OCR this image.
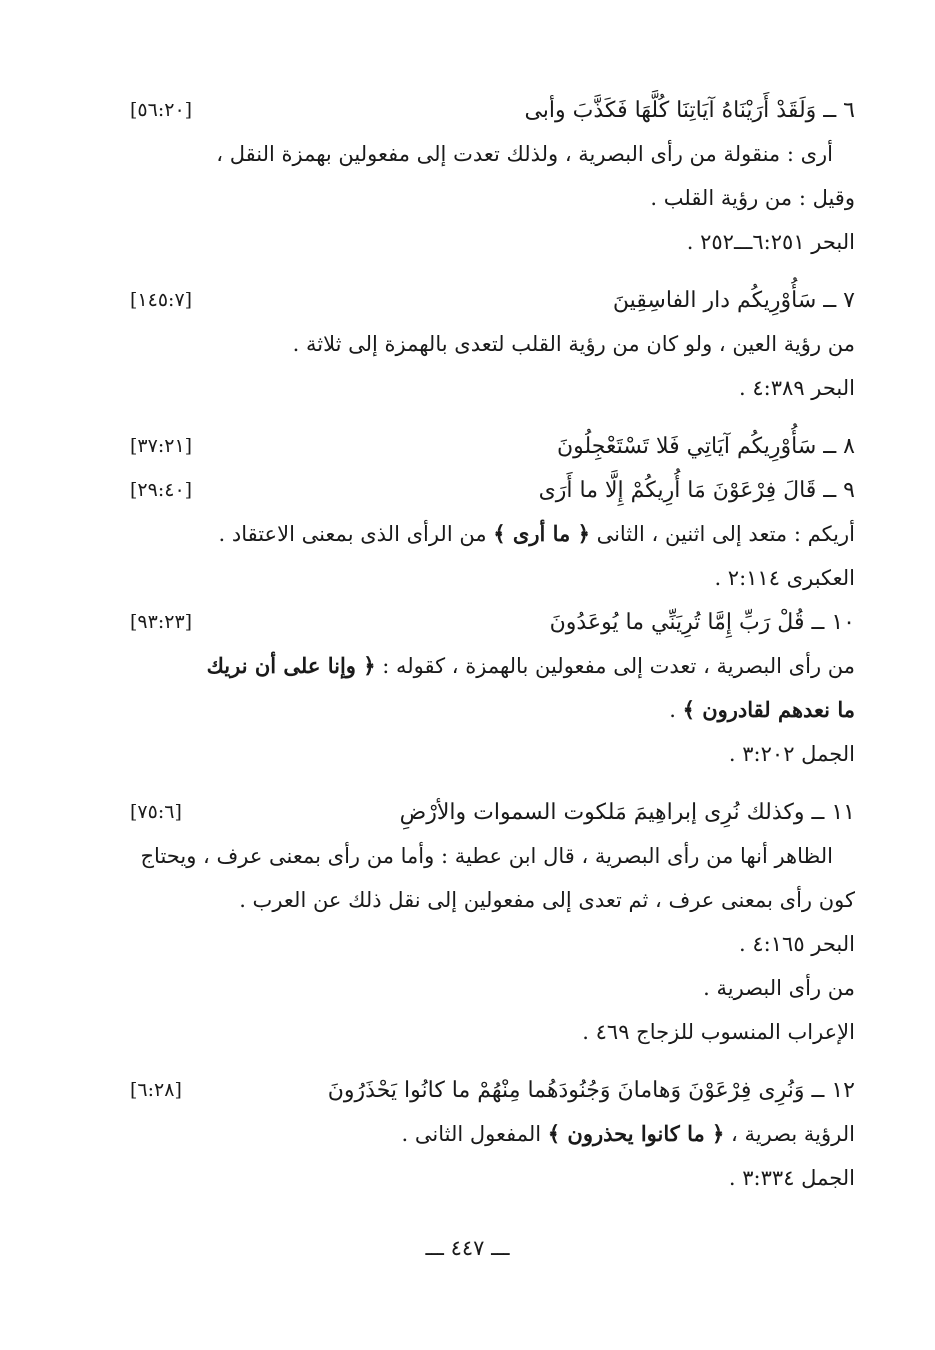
٦ ــ وَلَقَدْ أَرَيْنَاهُ آيَاتِنَا كُلَّهَا فَكَذَّبَ وأبى
[٥٦:٢٠]
أرى : منقولة من رأى البصرية ، ولذلك تعدت إلى مفعولين بهمزة النقل ،
وقيل : من رؤية القلب .
البحر ٦:٢٥١ـــ٢٥٢ .
٧ ــ سَأُوْرِيكُم دار الفاسِقِينَ
[١٤٥:٧]
من رؤية العين ، ولو كان من رؤية القلب لتعدى بالهمزة إلى ثلاثة .
البحر ٤:٣٨٩ .
٨ ــ سَأُوْرِيكُم آيَاتِي فَلا تَسْتَعْجِلُونَ
[٣٧:٢١]
٩ ــ قَالَ فِرْعَوْنَ مَا أُرِيكُمْ إِلَّا ما أَرَى
[٢٩:٤٠]
أريكم : متعد إلى اثنين ، الثانى ﴿ ما أرى ﴾ من الرأى الذى بمعنى الاعتقاد .
العكبرى ٢:١١٤ .
١٠ ــ قُلْ رَبِّ إِمَّا تُرِيَنِّي ما يُوعَدُونَ
[٩٣:٢٣]
من رأى البصرية ، تعدت إلى مفعولين بالهمزة ، كقوله : ﴿ وإنا على أن نريك
ما نعدهم لقادرون ﴾ .
الجمل ٣:٢٠٢ .
١١ ــ وكذلك نُرِى إبراهِيمَ مَلكوت السموات والأرْضِ
[٧٥:٦]
الظاهر أنها من رأى البصرية ، قال ابن عطية : وأما من رأى بمعنى عرف ، ويحتاج
كون رأى بمعنى عرف ، ثم تعدى إلى مفعولين إلى نقل ذلك عن العرب .
البحر ٤:١٦٥ .
من رأى البصرية .
الإعراب المنسوب للزجاج ٤٦٩ .
١٢ ــ وَنُرِى فِرْعَوْنَ وَهامانَ وَجُنُودَهُما مِنْهُمْ ما كانُوا يَحْذَرُونَ
[٦:٢٨]
الرؤية بصرية ، ﴿ ما كانوا يحذرون ﴾ المفعول الثانى .
الجمل ٣:٣٣٤ .
ـــ ٤٤٧ ـــ
